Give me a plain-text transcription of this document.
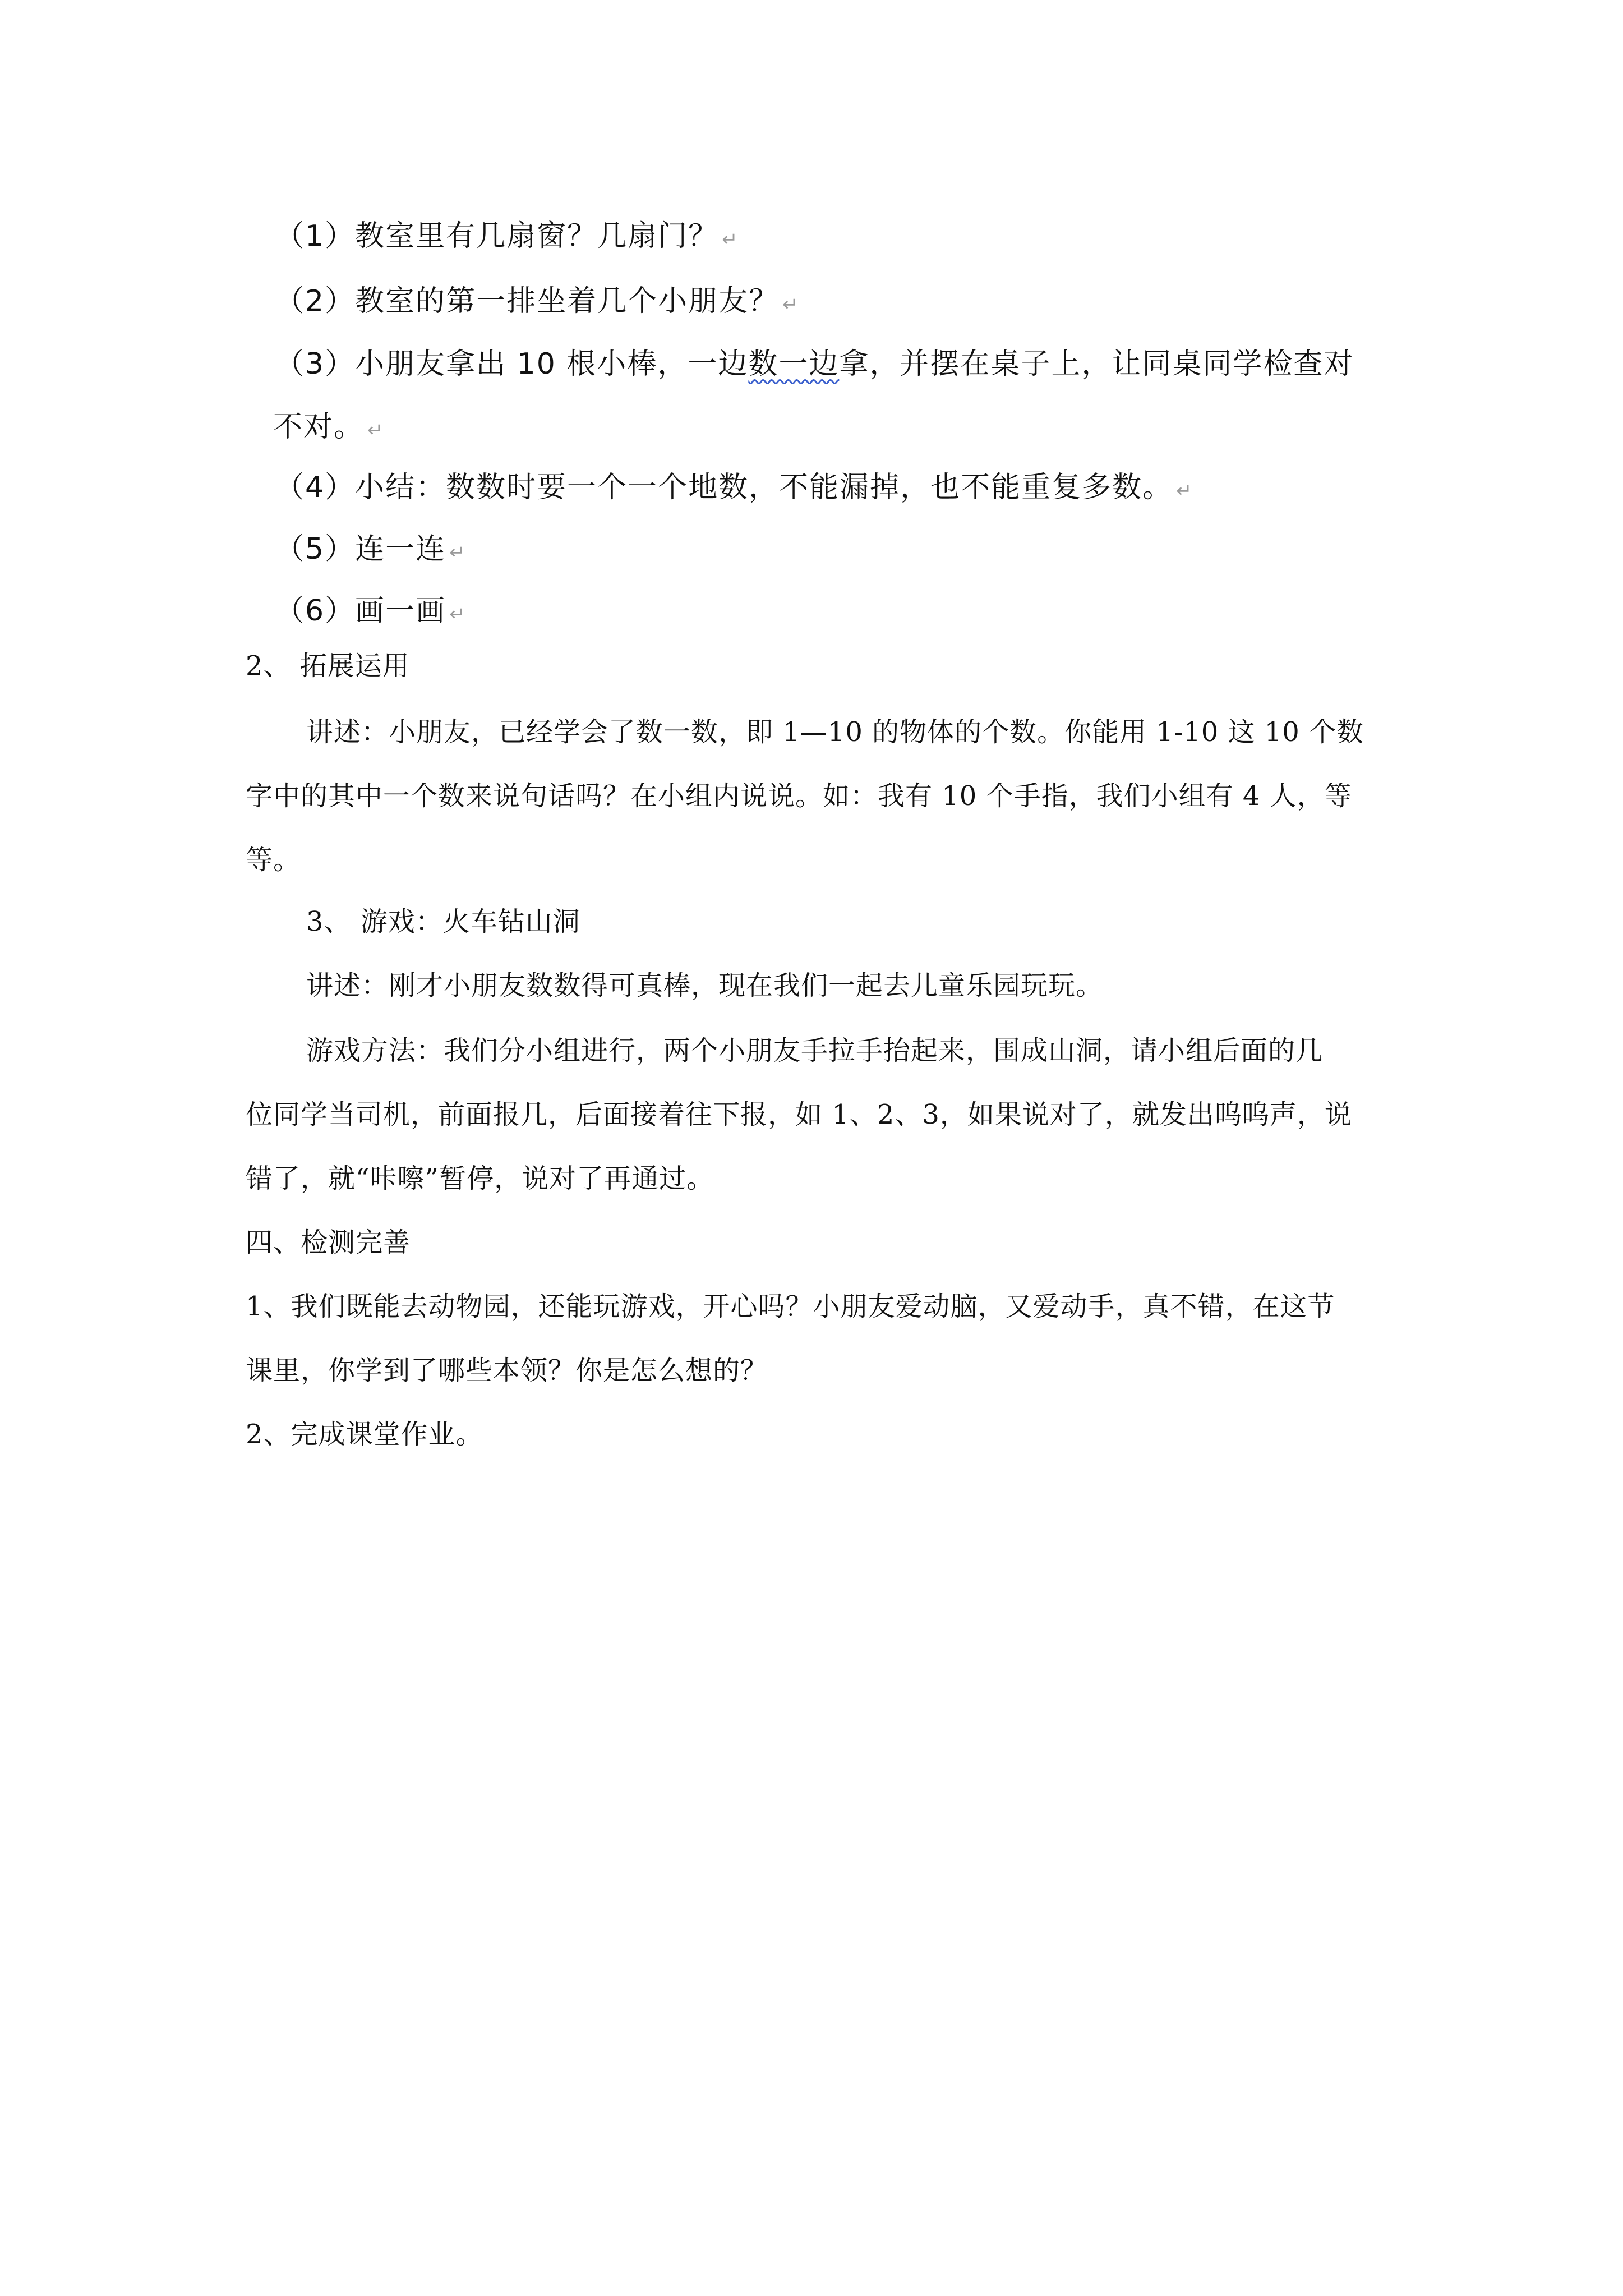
（1）教室里有几扇窗？几扇门？ ↵
（2）教室的第一排坐着几个小朋友？ ↵
（3）小朋友拿出 10 根小棒，一边数一边拿，并摆在桌子上，让同桌同学检查对
不对。 ↵
（4）小结：数数时要一个一个地数，不能漏掉，也不能重复多数。 ↵
（5）连一连 ↵
（6）画一画 ↵
2、 拓展运用
讲述：小朋友，已经学会了数一数，即 1—10 的物体的个数。你能用 1-10 这 10 个数
字中的其中一个数来说句话吗？在小组内说说。如：我有 10 个手指，我们小组有 4 人，等
等。
3、 游戏：火车钻山洞
讲述：刚才小朋友数数得可真棒，现在我们一起去儿童乐园玩玩。
游戏方法：我们分小组进行，两个小朋友手拉手抬起来，围成山洞，请小组后面的几
位同学当司机，前面报几，后面接着往下报，如 1、2、3，如果说对了，就发出呜呜声，说
错了，就“咔嚓”暂停，说对了再通过。
四、检测完善
1、我们既能去动物园，还能玩游戏，开心吗？小朋友爱动脑，又爱动手，真不错，在这节
课里，你学到了哪些本领？你是怎么想的？
2、完成课堂作业。
